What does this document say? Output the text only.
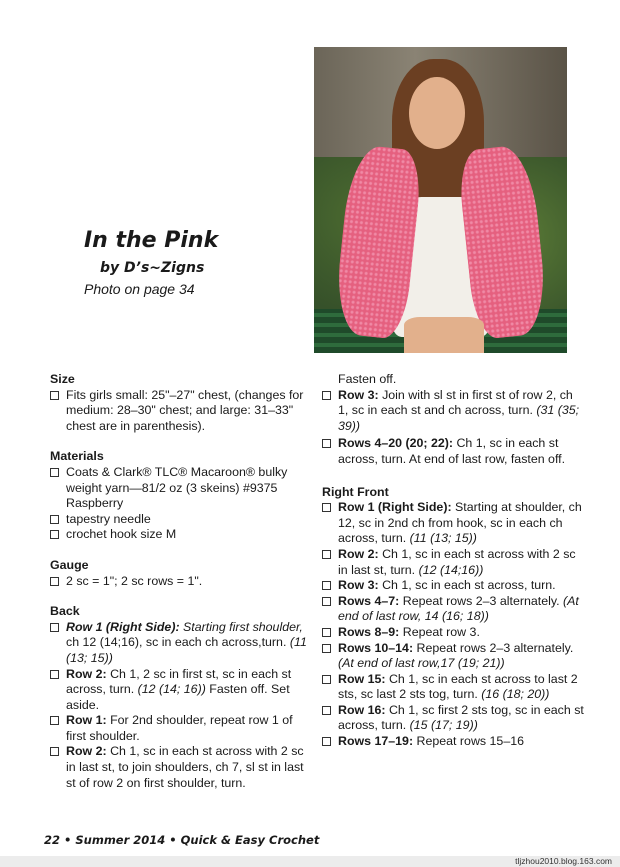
In the Pink
by D’s~Zigns
Photo on page 34

Size

Fits girls small: 25"–27" chest, (changes for medium: 28–30" chest; and large: 31–33" chest are in parenthesis).

Materials

Coats & Clark® TLC® Macaroon® bulky weight yarn—81/2 oz (3 skeins) #9375 Raspberry

tapestry needle

crochet hook size M

Gauge

2 sc = 1"; 2 sc rows = 1".

Back

Row 1 (Right Side): Starting first shoulder, ch 12 (14;16), sc in each ch across,turn. (11 (13; 15))

Row 2: Ch 1, 2 sc in first st, sc in each st across, turn. (12 (14; 16)) Fasten off. Set aside.

Row 1: For 2nd shoulder, repeat row 1 of first shoulder.

Row 2: Ch 1, sc in each st across with 2 sc in last st, to join shoulders, ch 7, sl st in last st of row 2 on first shoulder, turn.

Fasten off.

Row 3: Join with sl st in first st of row 2, ch 1, sc in each st and ch across, turn. (31 (35; 39))

Rows 4–20 (20; 22): Ch 1, sc in each st across, turn. At end of last row, fasten off.

Right Front

Row 1 (Right Side): Starting at shoulder, ch 12, sc in 2nd ch from hook, sc in each ch across, turn. (11 (13; 15))

Row 2: Ch 1, sc in each st across with 2 sc in last st, turn. (12 (14;16))

Row 3: Ch 1, sc in each st across, turn.

Rows 4–7: Repeat rows 2–3 alternately. (At end of last row, 14 (16; 18))

Rows 8–9: Repeat row 3.

Rows 10–14: Repeat rows 2–3 alternately. (At end of last row,17 (19; 21))

Row 15: Ch 1, sc in each st across to last 2 sts, sc last 2 sts tog, turn. (16 (18; 20))

Row 16: Ch 1, sc first 2 sts tog, sc in each st across, turn. (15 (17; 19))

Rows 17–19: Repeat rows 15–16

22 • Summer 2014 • Quick & Easy Crochet
tljzhou2010.blog.163.com
